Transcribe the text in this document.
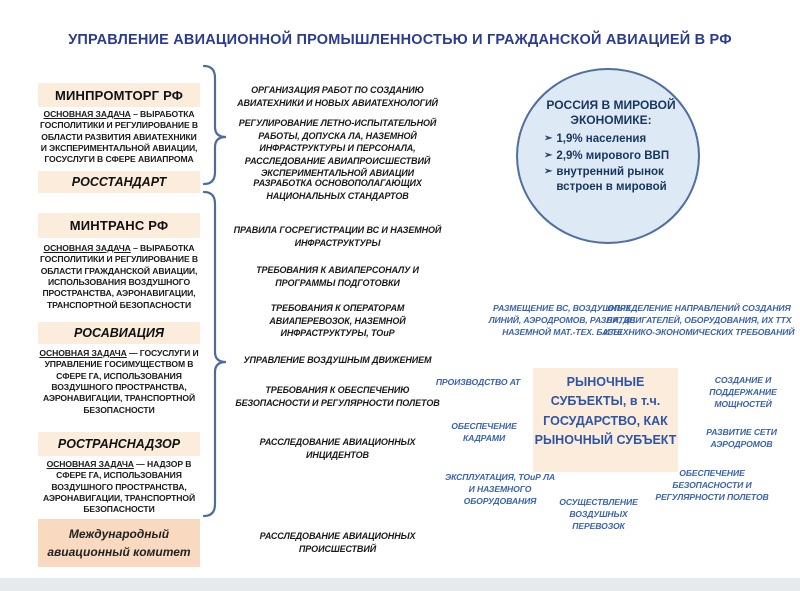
УПРАВЛЕНИЕ АВИАЦИОННОЙ ПРОМЫШЛЕННОСТЬЮ И ГРАЖДАНСКОЙ АВИАЦИЕЙ В РФ
МИНПРОМТОРГ РФ
ОСНОВНАЯ ЗАДАЧА – ВЫРАБОТКА ГОСПОЛИТИКИ И РЕГУЛИРОВАНИЕ В ОБЛАСТИ РАЗВИТИЯ АВИАТЕХНИКИ И ЭКСПЕРИМЕНТАЛЬНОЙ АВИАЦИИ, ГОСУСЛУГИ В СФЕРЕ АВИАПРОМА
РОССТАНДАРТ
МИНТРАНС РФ
ОСНОВНАЯ ЗАДАЧА – ВЫРАБОТКА ГОСПОЛИТИКИ И РЕГУЛИРОВАНИЕ В ОБЛАСТИ ГРАЖДАНСКОЙ АВИАЦИИ, ИСПОЛЬЗОВАНИЯ ВОЗДУШНОГО ПРОСТРАНСТВА, АЭРОНАВИГАЦИИ, ТРАНСПОРТНОЙ БЕЗОПАСНОСТИ
РОСАВИАЦИЯ
ОСНОВНАЯ ЗАДАЧА — ГОСУСЛУГИ И УПРАВЛЕНИЕ ГОСИМУЩЕСТВОМ В СФЕРЕ ГА, ИСПОЛЬЗОВАНИЯ ВОЗДУШНОГО ПРОСТРАНСТВА, АЭРОНАВИГАЦИИ, ТРАНСПОРТНОЙ БЕЗОПАСНОСТИ
РОСТРАНСНАДЗОР
ОСНОВНАЯ ЗАДАЧА — НАДЗОР В СФЕРЕ ГА, ИСПОЛЬЗОВАНИЯ ВОЗДУШНОГО ПРОСТРАНСТВА, АЭРОНАВИГАЦИИ, ТРАНСПОРТНОЙ БЕЗОПАСНОСТИ
Международный авиационный комитет
ОРГАНИЗАЦИЯ РАБОТ ПО СОЗДАНИЮ АВИАТЕХНИКИ И НОВЫХ АВИАТЕХНОЛОГИЙ
РЕГУЛИРОВАНИЕ ЛЕТНО-ИСПЫТАТЕЛЬНОЙ РАБОТЫ, ДОПУСКА ЛА, НАЗЕМНОЙ ИНФРАСТРУКТУРЫ И ПЕРСОНАЛА, РАССЛЕДОВАНИЕ АВИАПРОИСШЕСТВИЙ ЭКСПЕРИМЕНТАЛЬНОЙ АВИАЦИИ
РАЗРАБОТКА ОСНОВОПОЛАГАЮЩИХ НАЦИОНАЛЬНЫХ СТАНДАРТОВ
ПРАВИЛА ГОСРЕГИСТРАЦИИ ВС И НАЗЕМНОЙ ИНФРАСТРУКТУРЫ
ТРЕБОВАНИЯ К АВИАПЕРСОНАЛУ И ПРОГРАММЫ ПОДГОТОВКИ
ТРЕБОВАНИЯ К ОПЕРАТОРАМ АВИАПЕРЕВОЗОК, НАЗЕМНОЙ ИНФРАСТРУКТУРЫ, ТОиР
УПРАВЛЕНИЕ ВОЗДУШНЫМ ДВИЖЕНИЕМ
ТРЕБОВАНИЯ К ОБЕСПЕЧЕНИЮ БЕЗОПАСНОСТИ И РЕГУЛЯРНОСТИ ПОЛЕТОВ
РАССЛЕДОВАНИЕ АВИАЦИОННЫХ ИНЦИДЕНТОВ
РАССЛЕДОВАНИЕ АВИАЦИОННЫХ ПРОИСШЕСТВИЙ
РОССИЯ В МИРОВОЙ ЭКОНОМИКЕ:
➢ 1,9% населения
➢ 2,9% мирового ВВП
➢ внутренний рынок встроен в мировой
РАЗМЕЩЕНИЕ ВС, ВОЗДУШНЫХ ЛИНИЙ, АЭРОДРОМОВ, РАЗВИТИЕ НАЗЕМНОЙ МАТ.-ТЕХ. БАЗЫ
ОПРЕДЕЛЕНИЕ НАПРАВЛЕНИЙ СОЗДАНИЯ ЛА, ДВИГАТЕЛЕЙ, ОБОРУДОВАНИЯ, ИХ ТТХ И ТЕХНИКО-ЭКОНОМИЧЕСКИХ ТРЕБОВАНИЙ
ПРОИЗВОДСТВО АТ	СОЗДАНИЕ И ПОДДЕРЖАНИЕ МОЩНОСТЕЙ
ОБЕСПЕЧЕНИЕ КАДРАМИ
РАЗВИТИЕ СЕТИ АЭРОДРОМОВ
ЭКСПЛУАТАЦИЯ, ТОиР ЛА И НАЗЕМНОГО ОБОРУДОВАНИЯ	ОСУЩЕСТВЛЕНИЕ ВОЗДУШНЫХ ПЕРЕВОЗОК
ОБЕСПЕЧЕНИЕ БЕЗОПАСНОСТИ И РЕГУЛЯРНОСТИ ПОЛЕТОВ
РЫНОЧНЫЕ СУБЪЕКТЫ, в т.ч. ГОСУДАРСТВО, КАК РЫНОЧНЫЙ СУБЪЕКТ
